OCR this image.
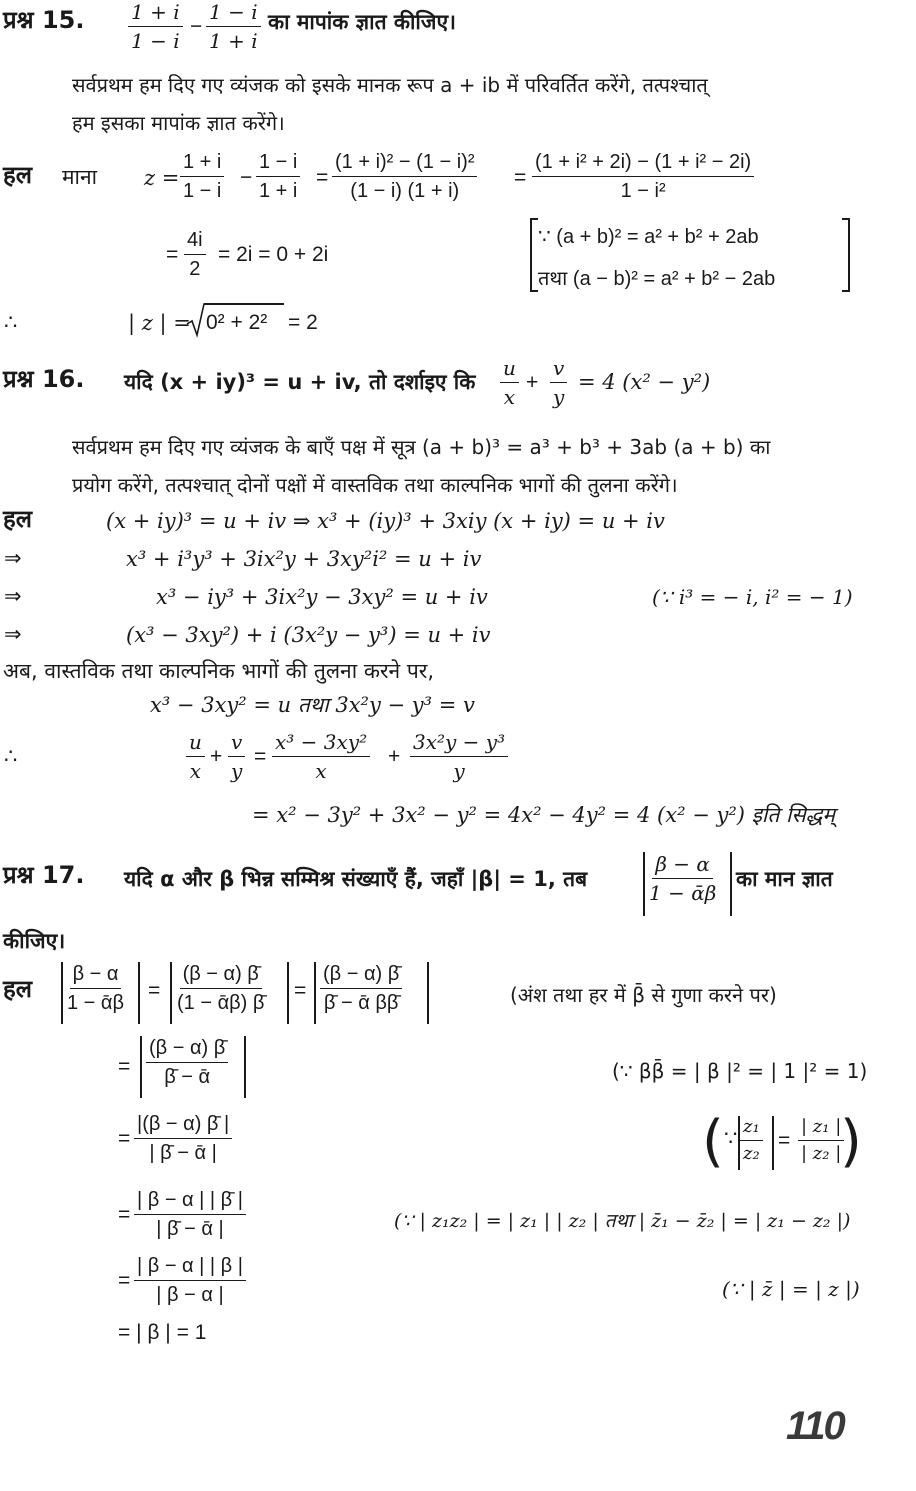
प्रश्न 15. $\frac{1 + i}{1 - i} - \frac{1 - i}{1 + i}$ का मापांक ज्ञात कीजिए।
सर्वप्रथम हम दिए गए व्यंजक को इसके मानक रूप a + ib में परिवर्तित करेंगे, तत्पश्चात्
हम इसका मापांक ज्ञात करेंगे।
हल माना $z = \frac{1 + i}{1 - i} - \frac{1 - i}{1 + i} = \frac{\text{(1 + i)² − (1 − i)²}}{(1 - i) (1 + i)} = \frac{\text{(1 + i² + 2i) − (1 + i² − 2i)}}{\text{1 − i²}}$
= $\frac{4i}{2} = 2i = 0 + 2i$
∵ (a + b)² = a² + b² + 2ab
तथा (a − b)² = a² + b² − 2ab
∴	| z | = 0² + 2² = 2
प्रश्न 16. यदि (x + iy)³ = u + iv, तो दर्शाइए कि $\frac{u}{x} + \frac{v}{y} = 4$ (x² − y²)
सर्वप्रथम हम दिए गए व्यंजक के बाएँ पक्ष में सूत्र (a + b)³ = a³ + b³ + 3ab (a + b) का
प्रयोग करेंगे, तत्पश्चात् दोनों पक्षों में वास्तविक तथा काल्पनिक भागों की तुलना करेंगे।
हल	(x + iy)³ = u + iv ⇒ x³ + (iy)³ + 3xiy (x + iy) = u + iv
⇒	x³ + i³y³ + 3ix²y + 3xy²i² = u + iv
⇒	x³ − iy³ + 3ix²y − 3xy² = u + iv	(∵ i³ = − i, i² = − 1)
⇒	(x³ − 3xy²) + i (3x²y − y³) = u + iv
अब, वास्तविक तथा काल्पनिक भागों की तुलना करने पर,
x³ − 3xy² = u तथा 3x²y − y³ = v
∴	$\frac{u}{x} + \frac{v}{y} = \frac{\text{x³ − 3xy²}}{x} + \frac{\text{3x²y − y³}}{y}$
= x² − 3y² + 3x² − y² = 4x² − 4y² = 4 (x² − y²) इति सिद्धम्
प्रश्न 17. यदि α और β भिन्न सम्मिश्र संख्याएँ हैं, जहाँ |β| = 1, तब	$\frac{\beta - \alpha}{\text{1 − ᾱβ}}$ का मान ज्ञात
कीजिए।
हल $\frac{\beta - \alpha}{\text{1 − ᾱβ}} = \frac{(\beta - \alpha) \betā}{\text{(1 − ᾱβ) β̄}} = \frac{(\beta - \alpha) \betā}{\text{β̄ − ᾱ ββ̄}}$	(अंश तथा हर में β̄ से गुणा करने पर)
= $\frac{(\beta - \alpha) \betā}{\text{β̄ − ᾱ}}$	(∵ ββ̄ = | β |² = | 1 |² = 1)
= $\frac{|(\beta - \alpha) \betā |}{\text{| β̄ − ᾱ |}}$	( ∵ $\frac{\text{z₁}}{\text{z₂}} = \frac{\text{| z₁ |}}{\text{| z₂ |}}$
)
= $\frac{| \beta - \alpha | | \betā |}{\text{| β̄ − ᾱ |}}$	(∵ | z₁z₂ | = | z₁ | | z₂ | तथा | z̄₁ − z̄₂ | = | z₁ − z₂ |)
= $\frac{| \beta - \alpha | | \beta |}{| \beta - \alpha |}$	(∵ | z̄ | = | z |)
= | β | = 1
110
